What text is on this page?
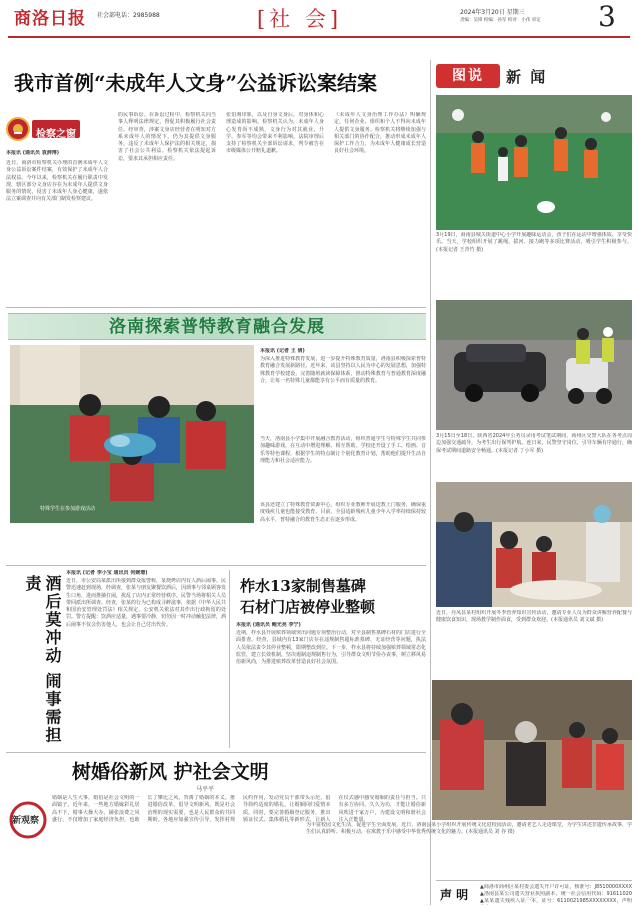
商洛日报 社会部电话：2985988	[社 会]	2024年3月20日 星期三
责编：吴锋 校编：孙军 校对：小伟 审定 3
我市首例“未成年人文身”公益诉讼案结案
检察之窗
本报讯 (通讯员 袁湃博)
近日，商洛市检察机关办理的首例未成年人文身公益诉讼案件结案，有效保护了未成年人合法权益。今年以来，检察机关在履行职责中发现，辖区部分文身店存在为未成年人提供文身服务的情况，侵害了未成年人身心健康，遂依法立案调查并向有关部门制发检察建议。
的民事诉讼。在诉讼过程中，检察机关向当事人释明法律规定，督促其积极履行社会责任。经审查，涉案文身店经营者在明知对方系未成年人的情况下，仍为其提供文身服务，违反了未成年人保护法的相关规定，损害了社会公共利益。检察机关依法提起诉讼，要求其承担相应责任。
张伯驹印象，以及自身文身后，对身体和心理造成的影响。检察机关认为，未成年人身心发育尚不成熟，文身行为对其就业、升学、参军等均会带来不利影响。法院审理后支持了检察机关全部诉讼请求，判令被告在市级媒体公开赔礼道歉。
《未成年人文身治理工作办法》明确规定，任何企业、组织和个人不得向未成年人提供文身服务。检察机关将继续加强与相关部门的协作配合，推动形成未成年人保护工作合力，为未成年人健康成长营造良好社会环境。
图说	新 闻
3月19日，商南县城关街道中心小学开展趣味运动会，孩子们在运动中增强体质、享受快乐。当天，学校组织开展了跳绳、拔河、接力跑等多项比赛活动，吸引学生积极参与。(本报记者 王青竹 摄)
3月15日至18日，陕西省2024年公务员录用考试笔试期间，商州区交警大队在各考点周边加强交通疏导，为考生出行保驾护航。连日来，民警坚守岗位，引导车辆有序通行，确保考试期间道路安全畅通。(本报记者 丁小军 摄)
近日，丹凤县某村组织开展冬季营养知识宣传活动，邀请专业人员为群众讲解营养配餐与健康饮食知识，现场教学制作面食，受到群众欢迎。(本报通讯员 刘文斌 摄)
为丰富校园文化生活，促进学生全面发展，近日，洛南县某小学组织开展传统文化进校园活动，邀请老艺人走进课堂，为学生讲述非遗传承故事，学生们认真聆听、积极互动，在寓教于乐中感受中华优秀传统文化的魅力。(本报通讯员 刘 谷 摄)
洛南探索普特教育融合发展
特殊学生在参加游戏活动
本报讯 (记者 王 倩)
为深入推进特殊教育发展，进一步提升特殊教育质量，洛南县积极探索普特教育融合发展新路径。近年来，该县坚持以人民为中心的发展思想，加强特殊教育学校建设，完善随班就读保障体系，推动特殊教育与普通教育深度融合，让每一名特殊儿童都能享有公平而有质量的教育。
当天，洛南县小学集中开展融合教育活动，组织普通学生与特殊学生共同参加趣味游戏，在互动中增进理解、相互帮助。学校还开设了手工、绘画、音乐等特色课程，根据学生的特点制订个别化教育计划，帮助他们提升生活自理能力和社会适应能力。
该县还建立了特殊教育资源中心，组织专业教师开展送教上门服务，确保重度残疾儿童也能接受教育。目前，全县适龄残疾儿童少年入学率持续保持较高水平，普特融合的教育生态正在逐步形成。
酒后莫冲动 闹事需担责
本报讯 (记者 李小宝 通讯员 何婉璟)
近日，市公安局某派出所接到群众报警称，某烧烤店内有人酒后闹事。民警迅速赶到现场，经调查，张某与朋友聚餐饮酒后，因琐事与邻桌顾客发生口角，进而推搡打闹，扰乱了店内正常经营秩序。民警当场将相关人员带回派出所调查。经查，张某的行为已构成寻衅滋事，依据《中华人民共和国治安管理处罚法》相关规定，公安机关依法对其作出行政拘留的处罚。警方提醒：饮酒应适量，遇事要冷静，切勿因一时冲动触犯法律，酒后闹事不仅会伤害他人，也会让自己付出代价。
柞水13家制售墓碑
石材门店被停业整顿
本报讯 (通讯员 鲍光亮 李宁)
近期，柞水县开展殡葬领域突出问题专项整治行动，对全县制售墓碑石材的门店进行全面排查。经查，县域内有13家门店存在违规制售超标准墓碑、无证经营等问题，执法人员依法责令其停业整顿，限期整改到位。下一步，柞水县将持续加强殡葬领域常态化监管，建立长效机制，坚决遏制违规制售行为，引导群众文明节俭办丧事，树立移风易俗新风尚，为推进殡葬改革营造良好社会氛围。
树婚俗新风 护社会文明
马平平
新观察
婚姻是人生大事，婚俗是社会文明的一面镜子。近年来，一些地方婚嫁彩礼居高不下，婚事大操大办、铺张浪费之风盛行，不仅增加了家庭经济负担，也助长了攀比之风，背离了婚姻的本义。推进婚俗改革，倡导文明新风，既是社会治理的现实需要，也是人民群众的共同期盼。各地应加强宣传引导，发挥村规民约作用，发动党员干部带头示范，倡导简约适度的婚礼，让婚姻回归爱情本质。同时，要完善婚姻登记服务，推出颁证仪式、集体婚礼等新形式，让新人在仪式感中感受婚姻的责任与担当。只有多方协同、久久为功，才能让婚俗新风吹进千家万户，为建设文明和谐社会注入正能量。
声 明
▲商洛市商州区某村委会遗失开户许可证，核准号：J8510000XXXX
▲洛南县某公司遗失营业执照副本，统一社会信用代码：91611020
▲某某遗失残疾人证一本，证号：6110021985XXXXXXXX，声明
